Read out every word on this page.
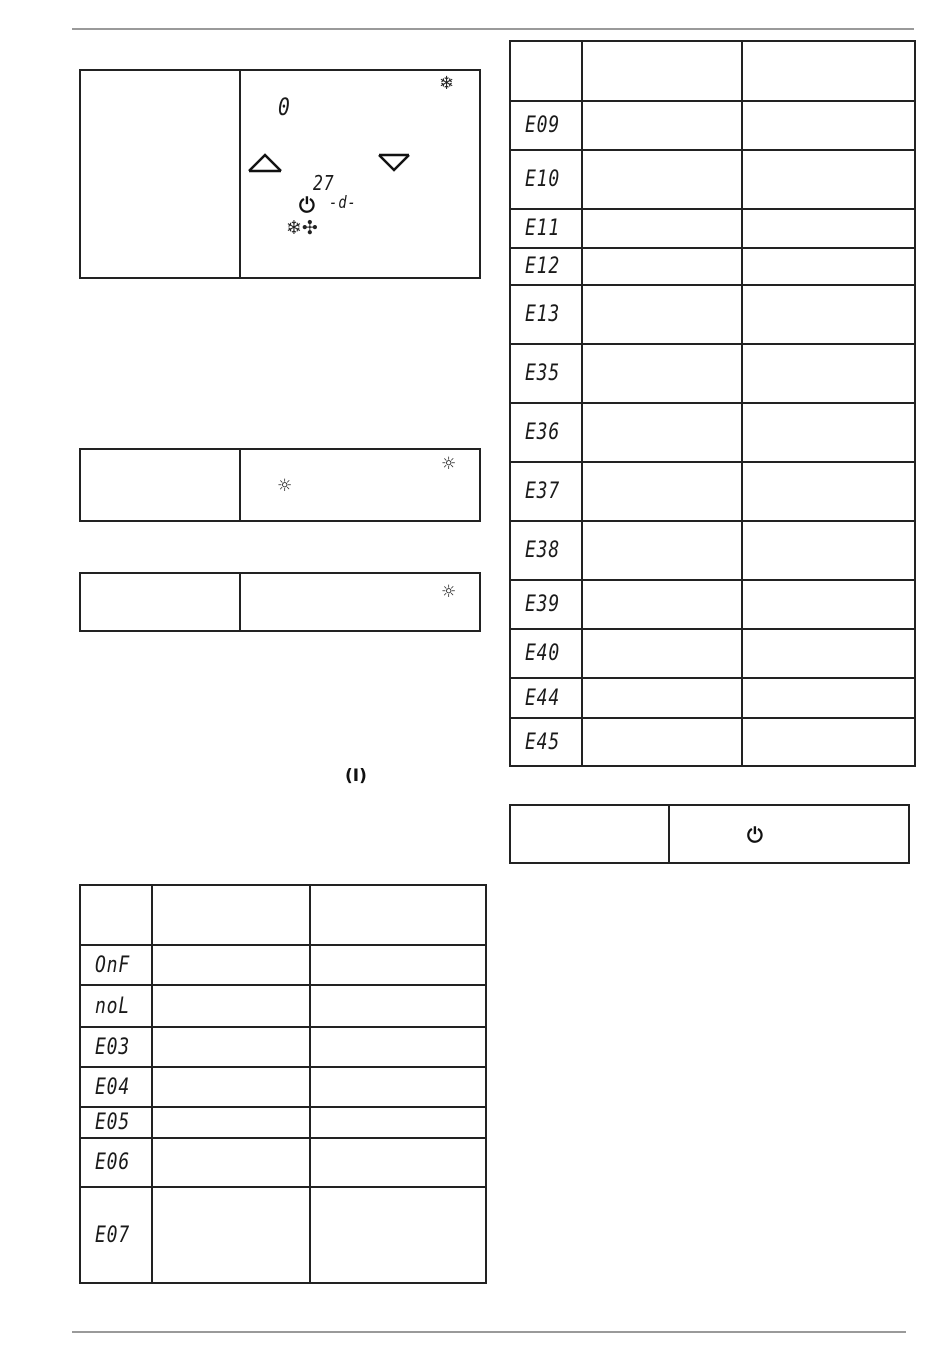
❄
0
27
⏻ -d-
❄✣
☼
☼
☼
(Ⅰ)

OnF		
noL		
E03		
E04		
E05		
E06		
E07		

E09		
E10		
E11		
E12		
E13		
E35		
E36		
E37		
E38		
E39		
E40		
E44		
E45		
⏻
